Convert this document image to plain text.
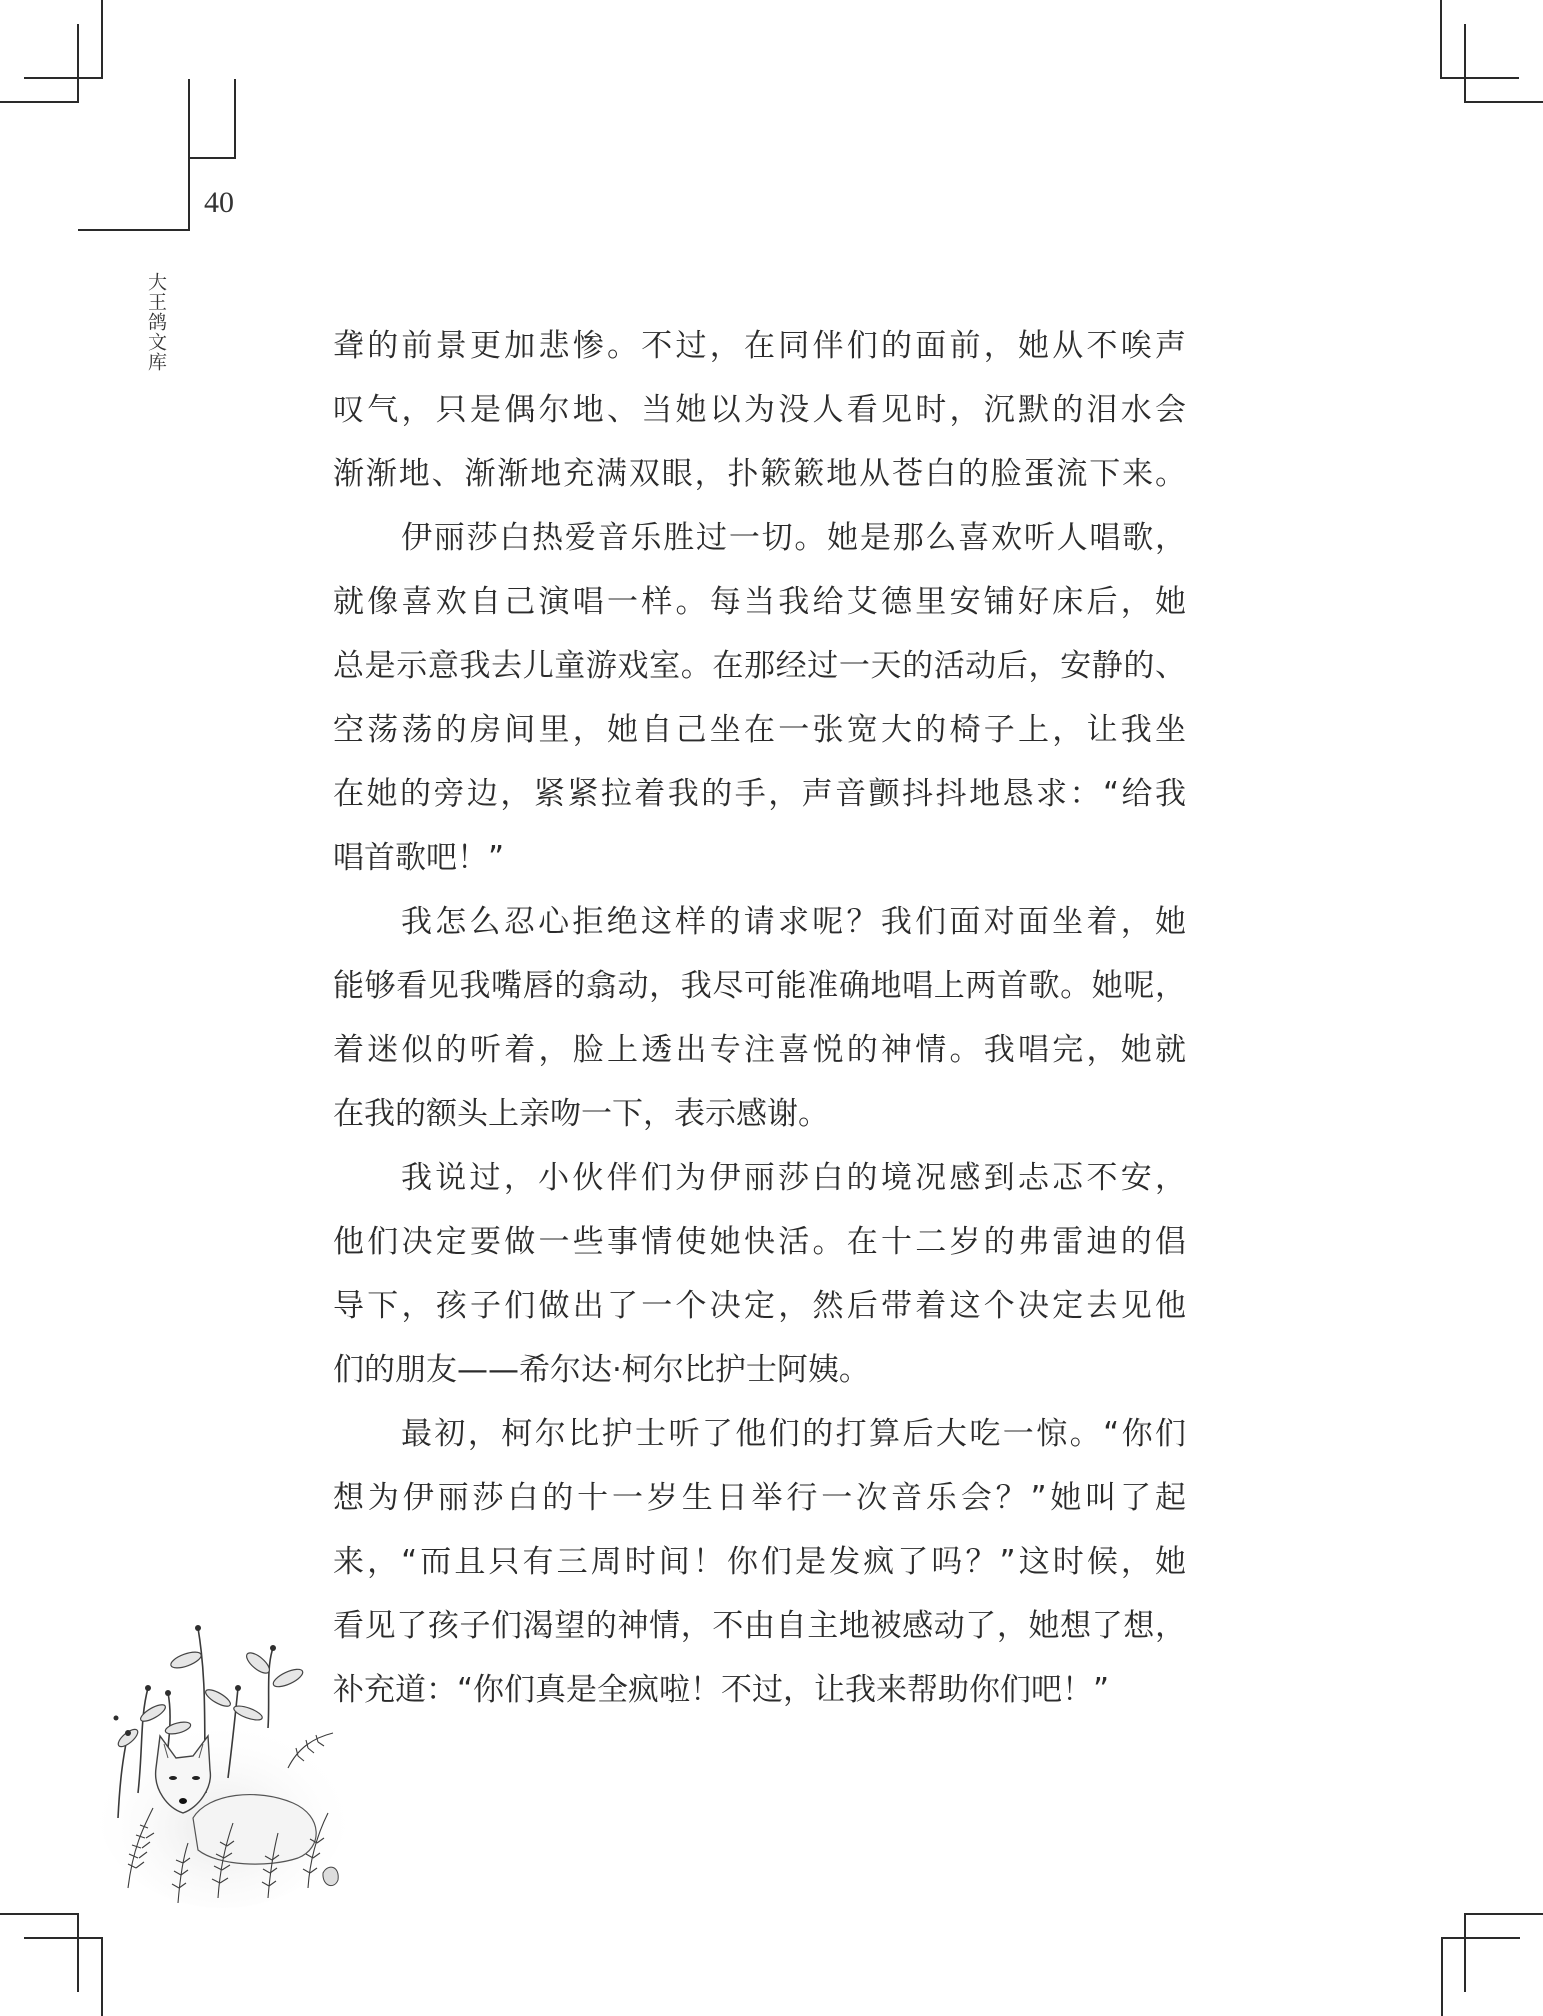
40
大王鸽文库	聋的前景更加悲惨。不过，在同伴们的面前，她从不唉声
叹气，只是偶尔地、当她以为没人看见时，沉默的泪水会
渐渐地、渐渐地充满双眼，扑簌簌地从苍白的脸蛋流下来。
伊丽莎白热爱音乐胜过一切。她是那么喜欢听人唱歌，
就像喜欢自己演唱一样。每当我给艾德里安铺好床后，她
总是示意我去儿童游戏室。在那经过一天的活动后，安静的、
空荡荡的房间里，她自己坐在一张宽大的椅子上，让我坐
在她的旁边，紧紧拉着我的手，声音颤抖抖地恳求：“给我
唱首歌吧！”
我怎么忍心拒绝这样的请求呢？我们面对面坐着，她
能够看见我嘴唇的翕动，我尽可能准确地唱上两首歌。她呢，
着迷似的听着，脸上透出专注喜悦的神情。我唱完，她就
在我的额头上亲吻一下，表示感谢。
我说过，小伙伴们为伊丽莎白的境况感到忐忑不安，
他们决定要做一些事情使她快活。在十二岁的弗雷迪的倡
导下，孩子们做出了一个决定，然后带着这个决定去见他
们的朋友——希尔达·柯尔比护士阿姨。
最初，柯尔比护士听了他们的打算后大吃一惊。“你们
想为伊丽莎白的十一岁生日举行一次音乐会？”她叫了起
来，“而且只有三周时间！你们是发疯了吗？”这时候，她
看见了孩子们渴望的神情，不由自主地被感动了，她想了想，
补充道：“你们真是全疯啦！不过，让我来帮助你们吧！”
